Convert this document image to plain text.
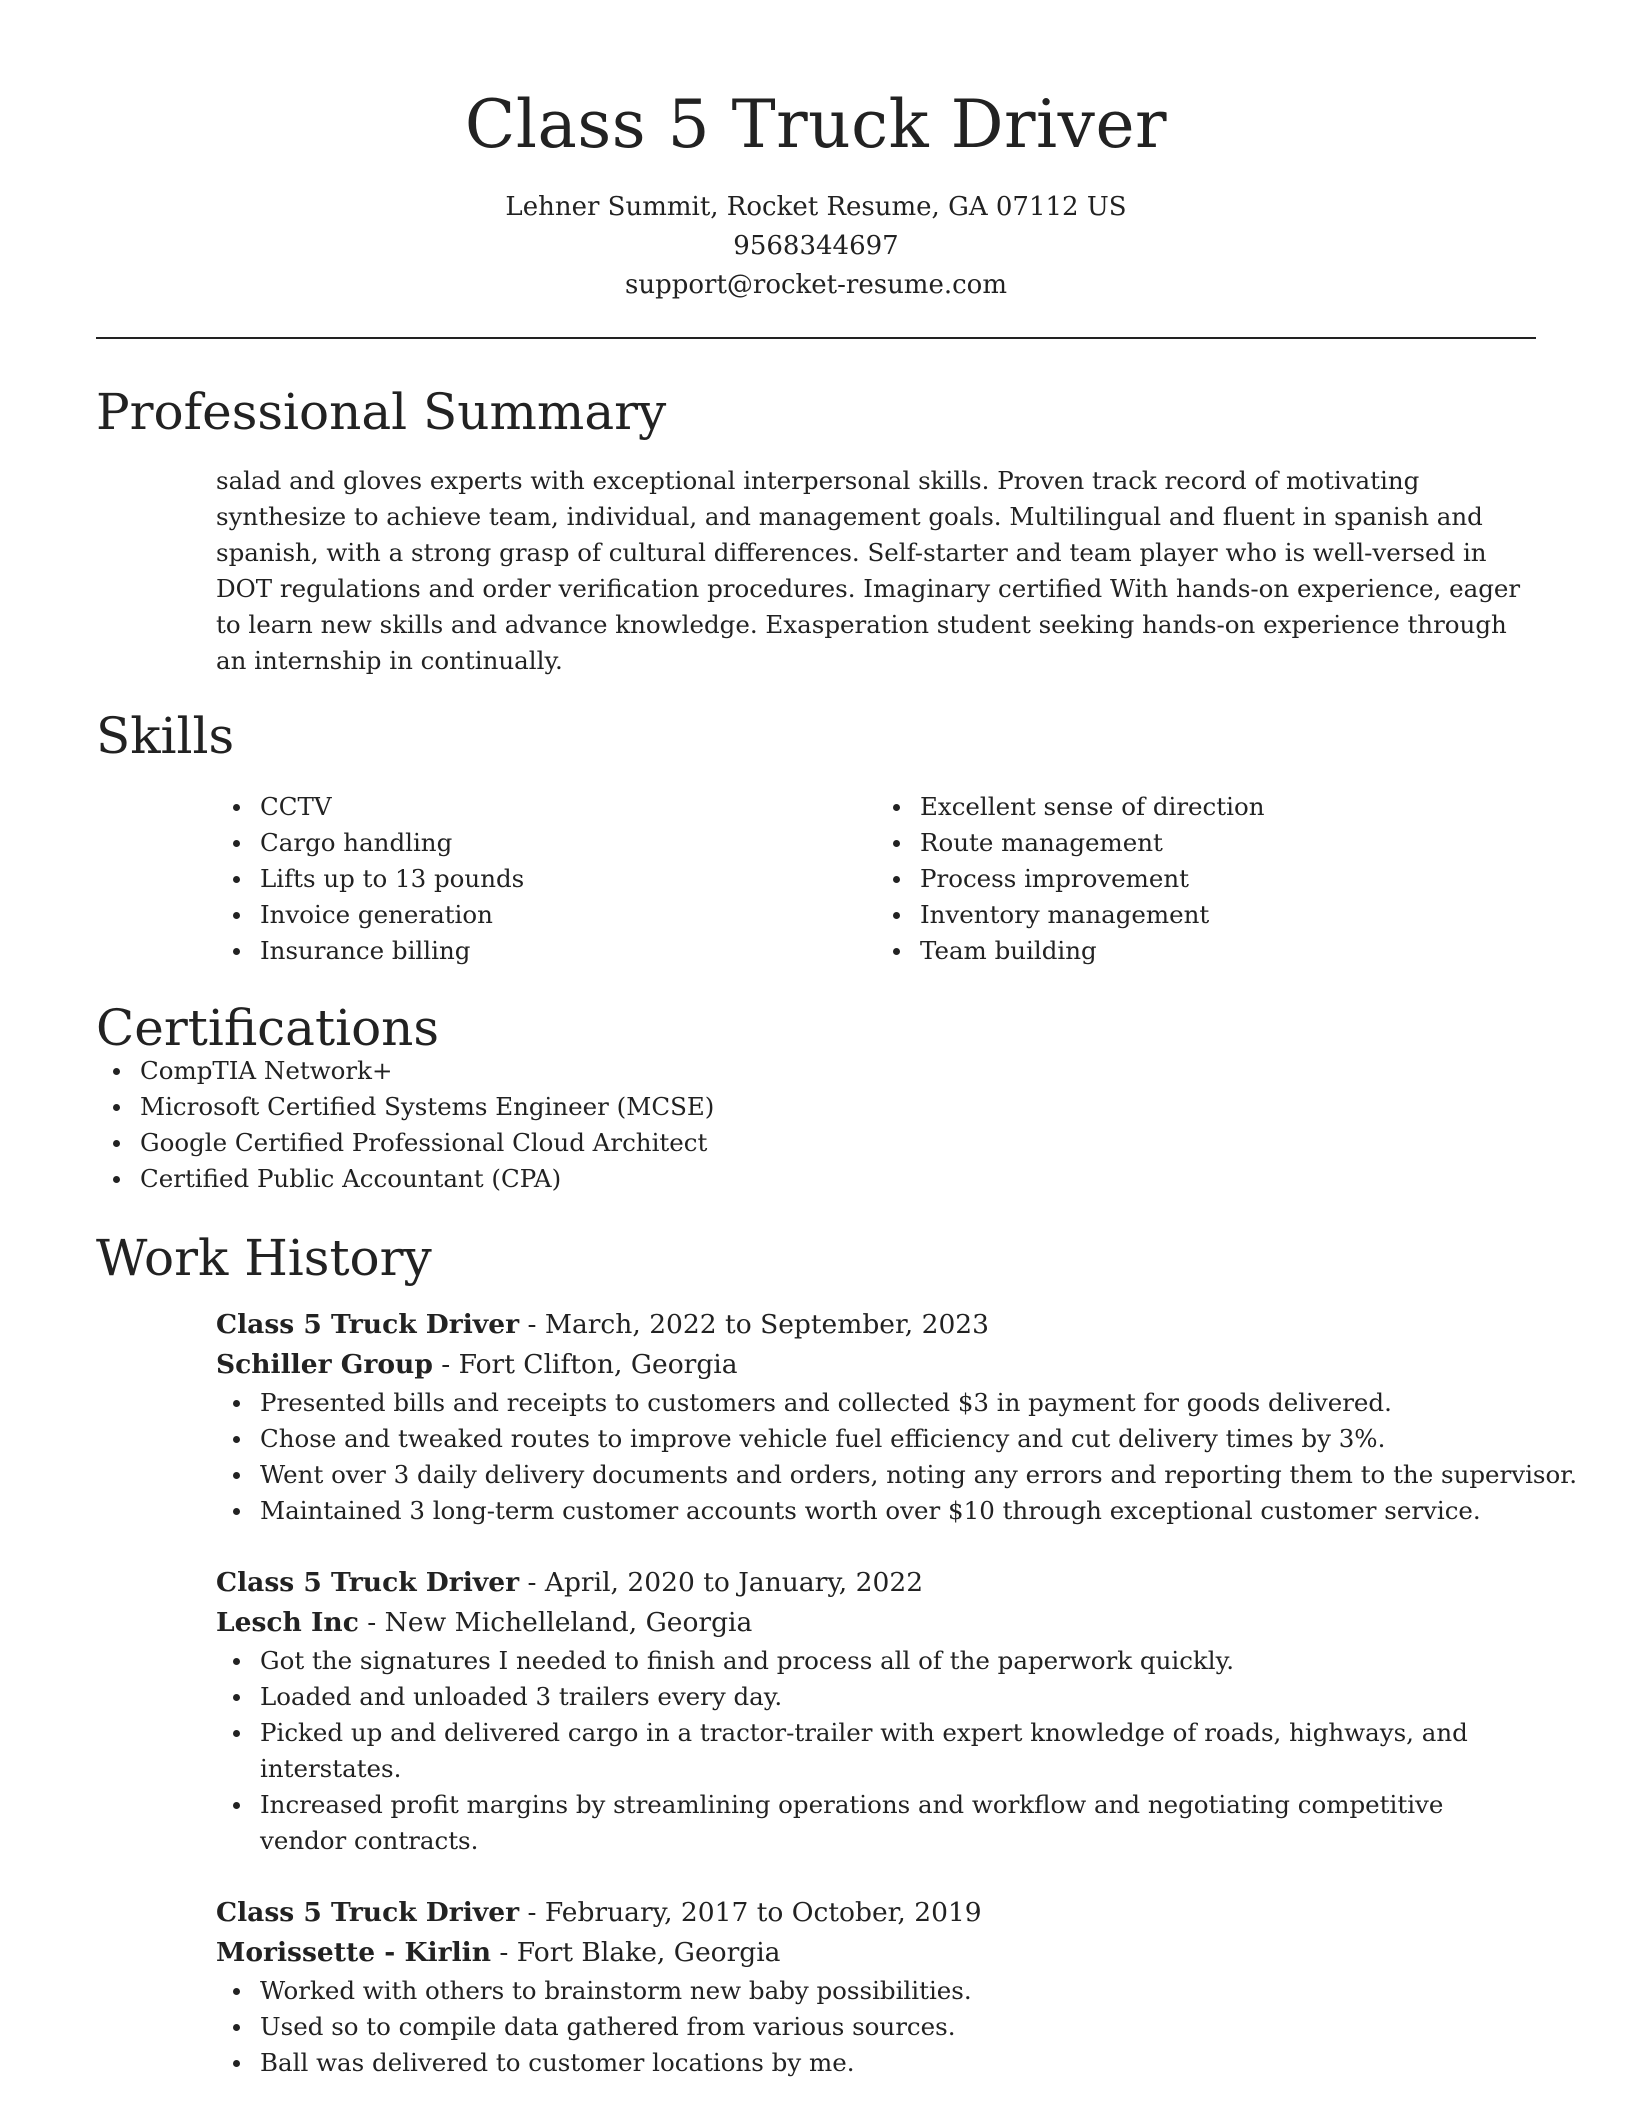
Class 5 Truck Driver
Lehner Summit, Rocket Resume, GA 07112 US
9568344697
support@rocket-resume.com
Professional Summary

salad and gloves experts with exceptional interpersonal skills. Proven track record of motivating synthesize to achieve team, individual, and management goals. Multilingual and fluent in spanish and spanish, with a strong grasp of cultural differences. Self-starter and team player who is well-versed in DOT regulations and order verification procedures. Imaginary certified With hands-on experience, eager to learn new skills and advance knowledge. Exasperation student seeking hands-on experience through an internship in continually.

Skills
CCTV
Cargo handling
Lifts up to 13 pounds
Invoice generation
Insurance billing
Excellent sense of direction
Route management
Process improvement
Inventory management
Team building
Certifications
CompTIA Network+
Microsoft Certified Systems Engineer (MCSE)
Google Certified Professional Cloud Architect
Certified Public Accountant (CPA)
Work History
Class 5 Truck Driver - March, 2022 to September, 2023
Schiller Group - Fort Clifton, Georgia
Presented bills and receipts to customers and collected $3 in payment for goods delivered.
Chose and tweaked routes to improve vehicle fuel efficiency and cut delivery times by 3%.
Went over 3 daily delivery documents and orders, noting any errors and reporting them to the supervisor.
Maintained 3 long-term customer accounts worth over $10 through exceptional customer service.
Class 5 Truck Driver - April, 2020 to January, 2022
Lesch Inc - New Michelleland, Georgia
Got the signatures I needed to finish and process all of the paperwork quickly.
Loaded and unloaded 3 trailers every day.
Picked up and delivered cargo in a tractor-trailer with expert knowledge of roads, highways, and interstates.
Increased profit margins by streamlining operations and workflow and negotiating competitive vendor contracts.
Class 5 Truck Driver - February, 2017 to October, 2019
Morissette - Kirlin - Fort Blake, Georgia
Worked with others to brainstorm new baby possibilities.
Used so to compile data gathered from various sources.
Ball was delivered to customer locations by me.
